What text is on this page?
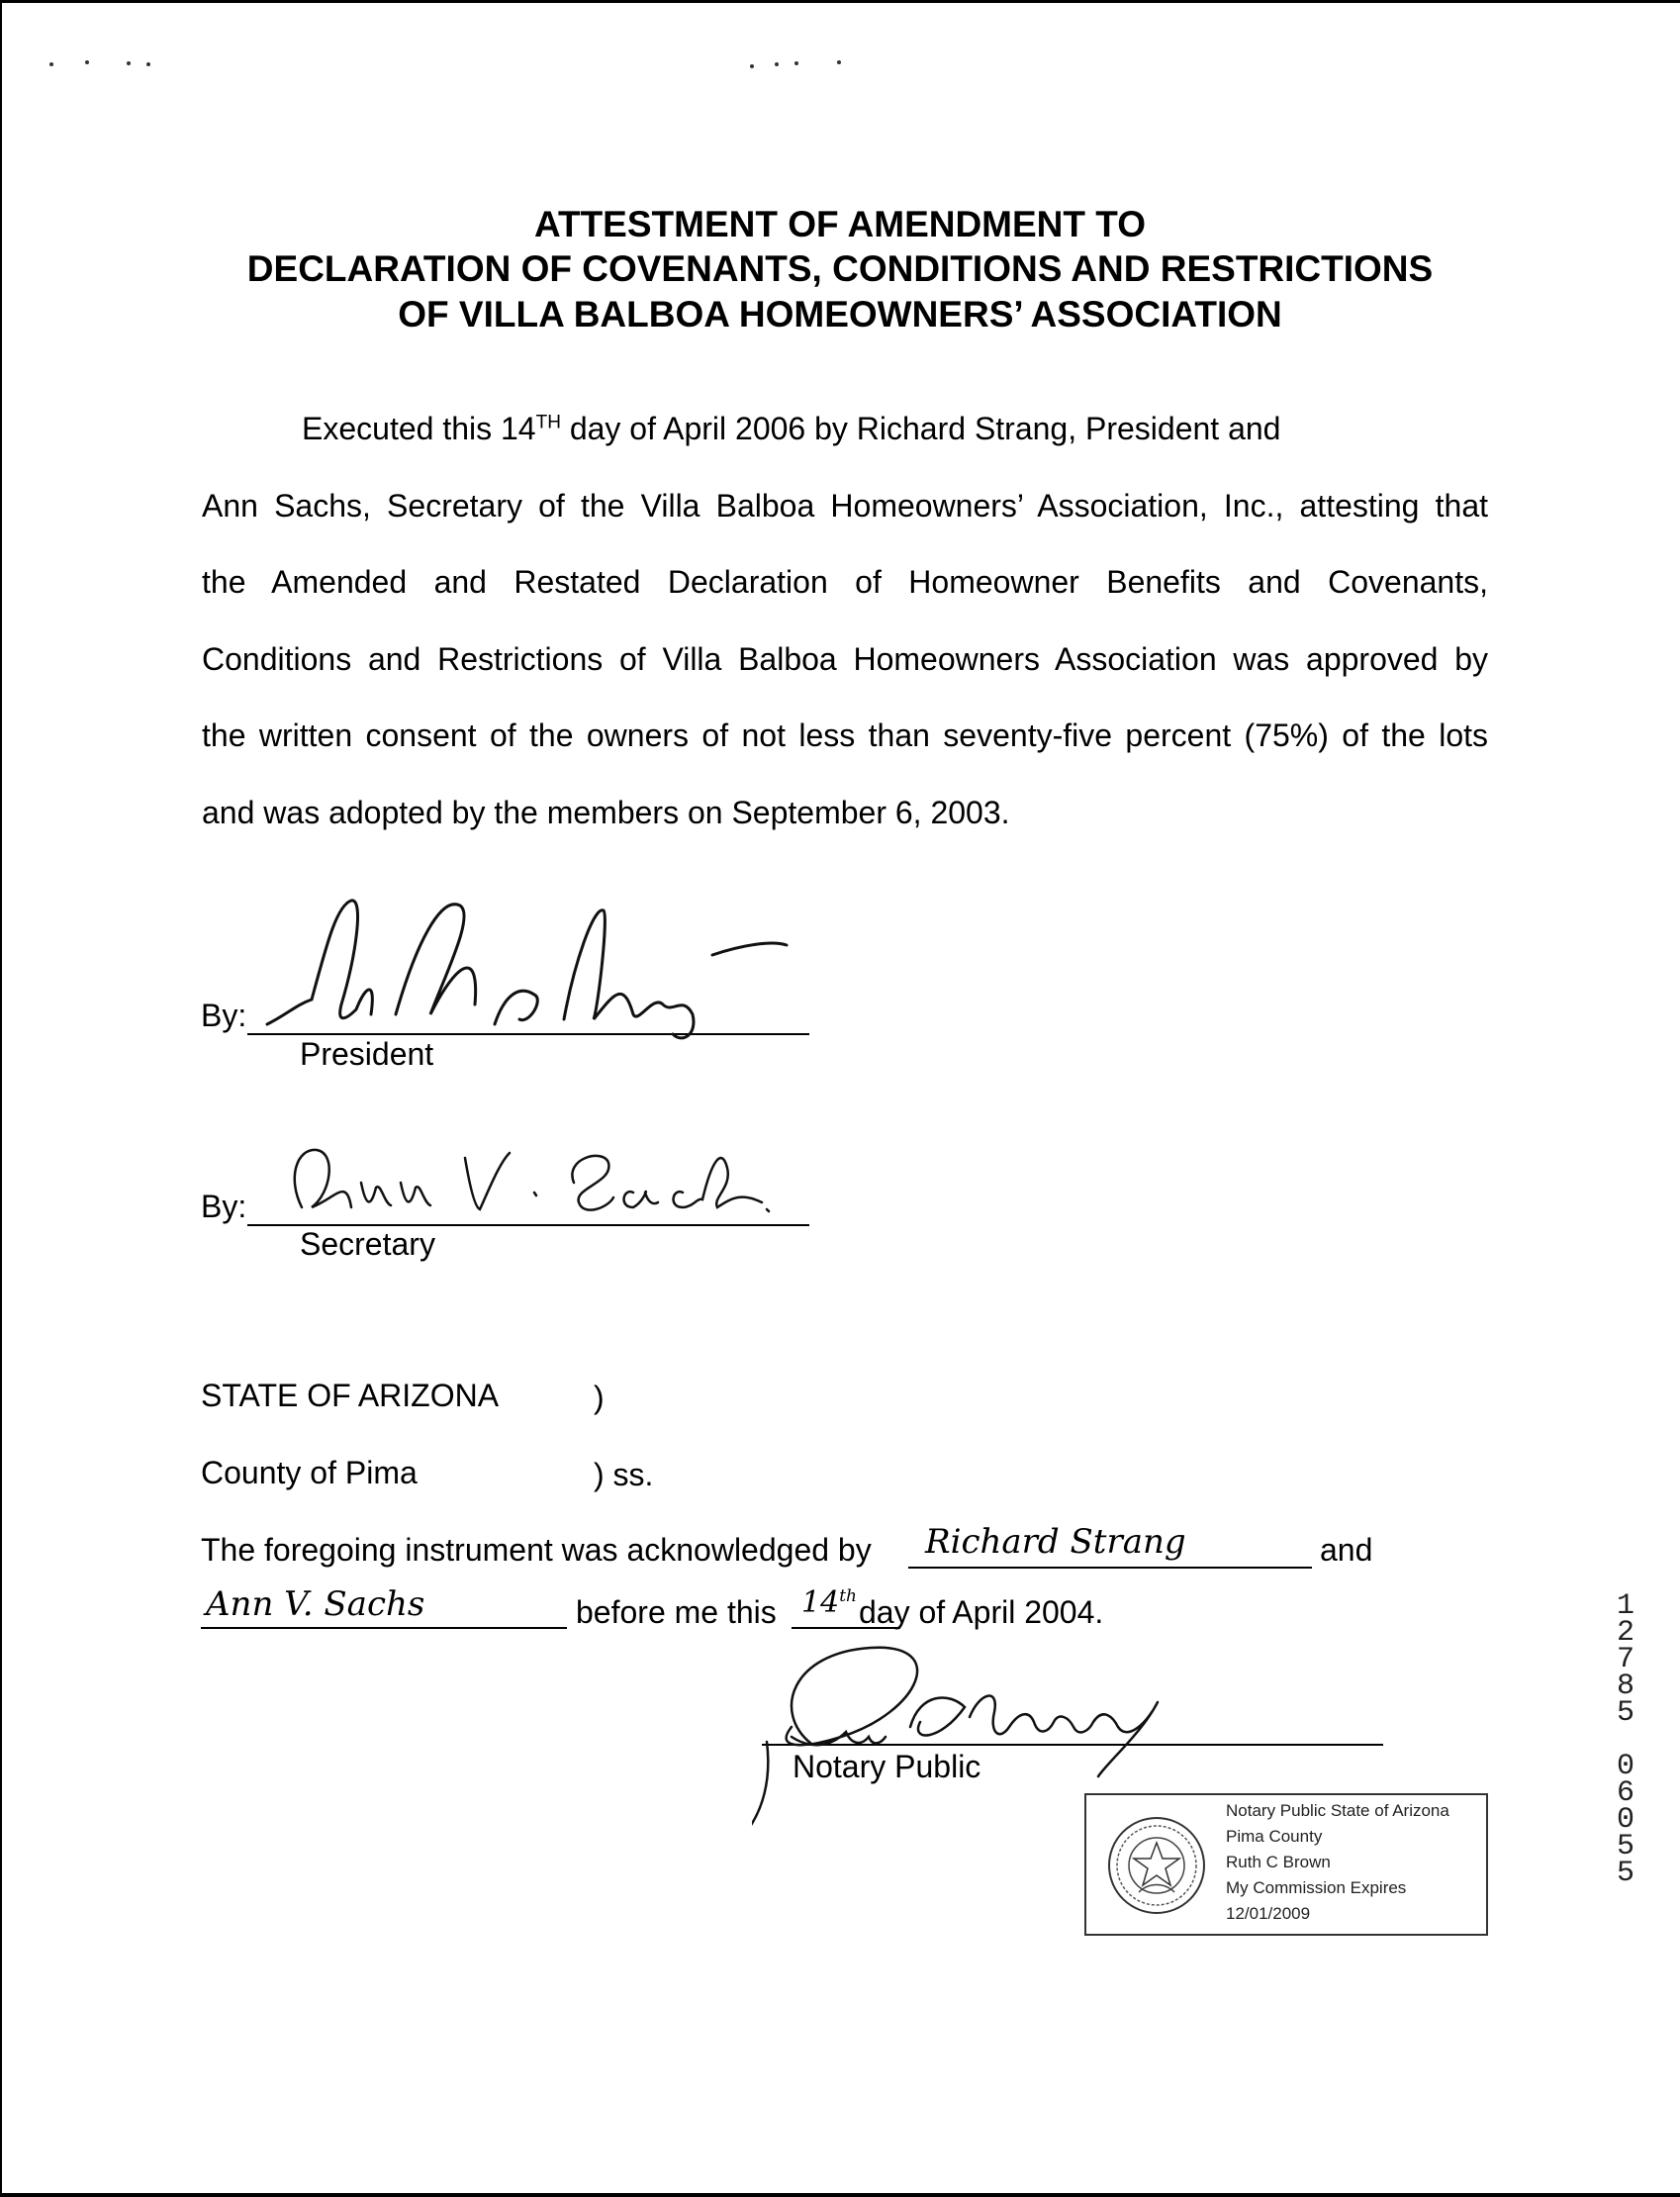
ATTESTMENT OF AMENDMENT TO
DECLARATION OF COVENANTS, CONDITIONS AND RESTRICTIONS
OF VILLA BALBOA HOMEOWNERS’ ASSOCIATION
Executed this 14TH day of April 2006 by Richard Strang, President and
Ann Sachs, Secretary of the Villa Balboa Homeowners’ Association, Inc., attesting that
the Amended and Restated Declaration of Homeowner Benefits and Covenants,
Conditions and Restrictions of Villa Balboa Homeowners Association was approved by
the written consent of the owners of not less than seventy-five percent (75%) of the lots
and was adopted by the members on September 6, 2003.
By:
President
By:
Secretary
STATE OF ARIZONA	)
County of Pima	) ss.
The foregoing instrument was acknowledged by Richard Strang	and
Ann V. Sachs	before me this 14th day of April 2004.
Notary Public
Notary Public State of Arizona
Pima County
Ruth C Brown
My Commission Expires
12/01/2009
1
2
7
8
5

0
6
0
5
5
